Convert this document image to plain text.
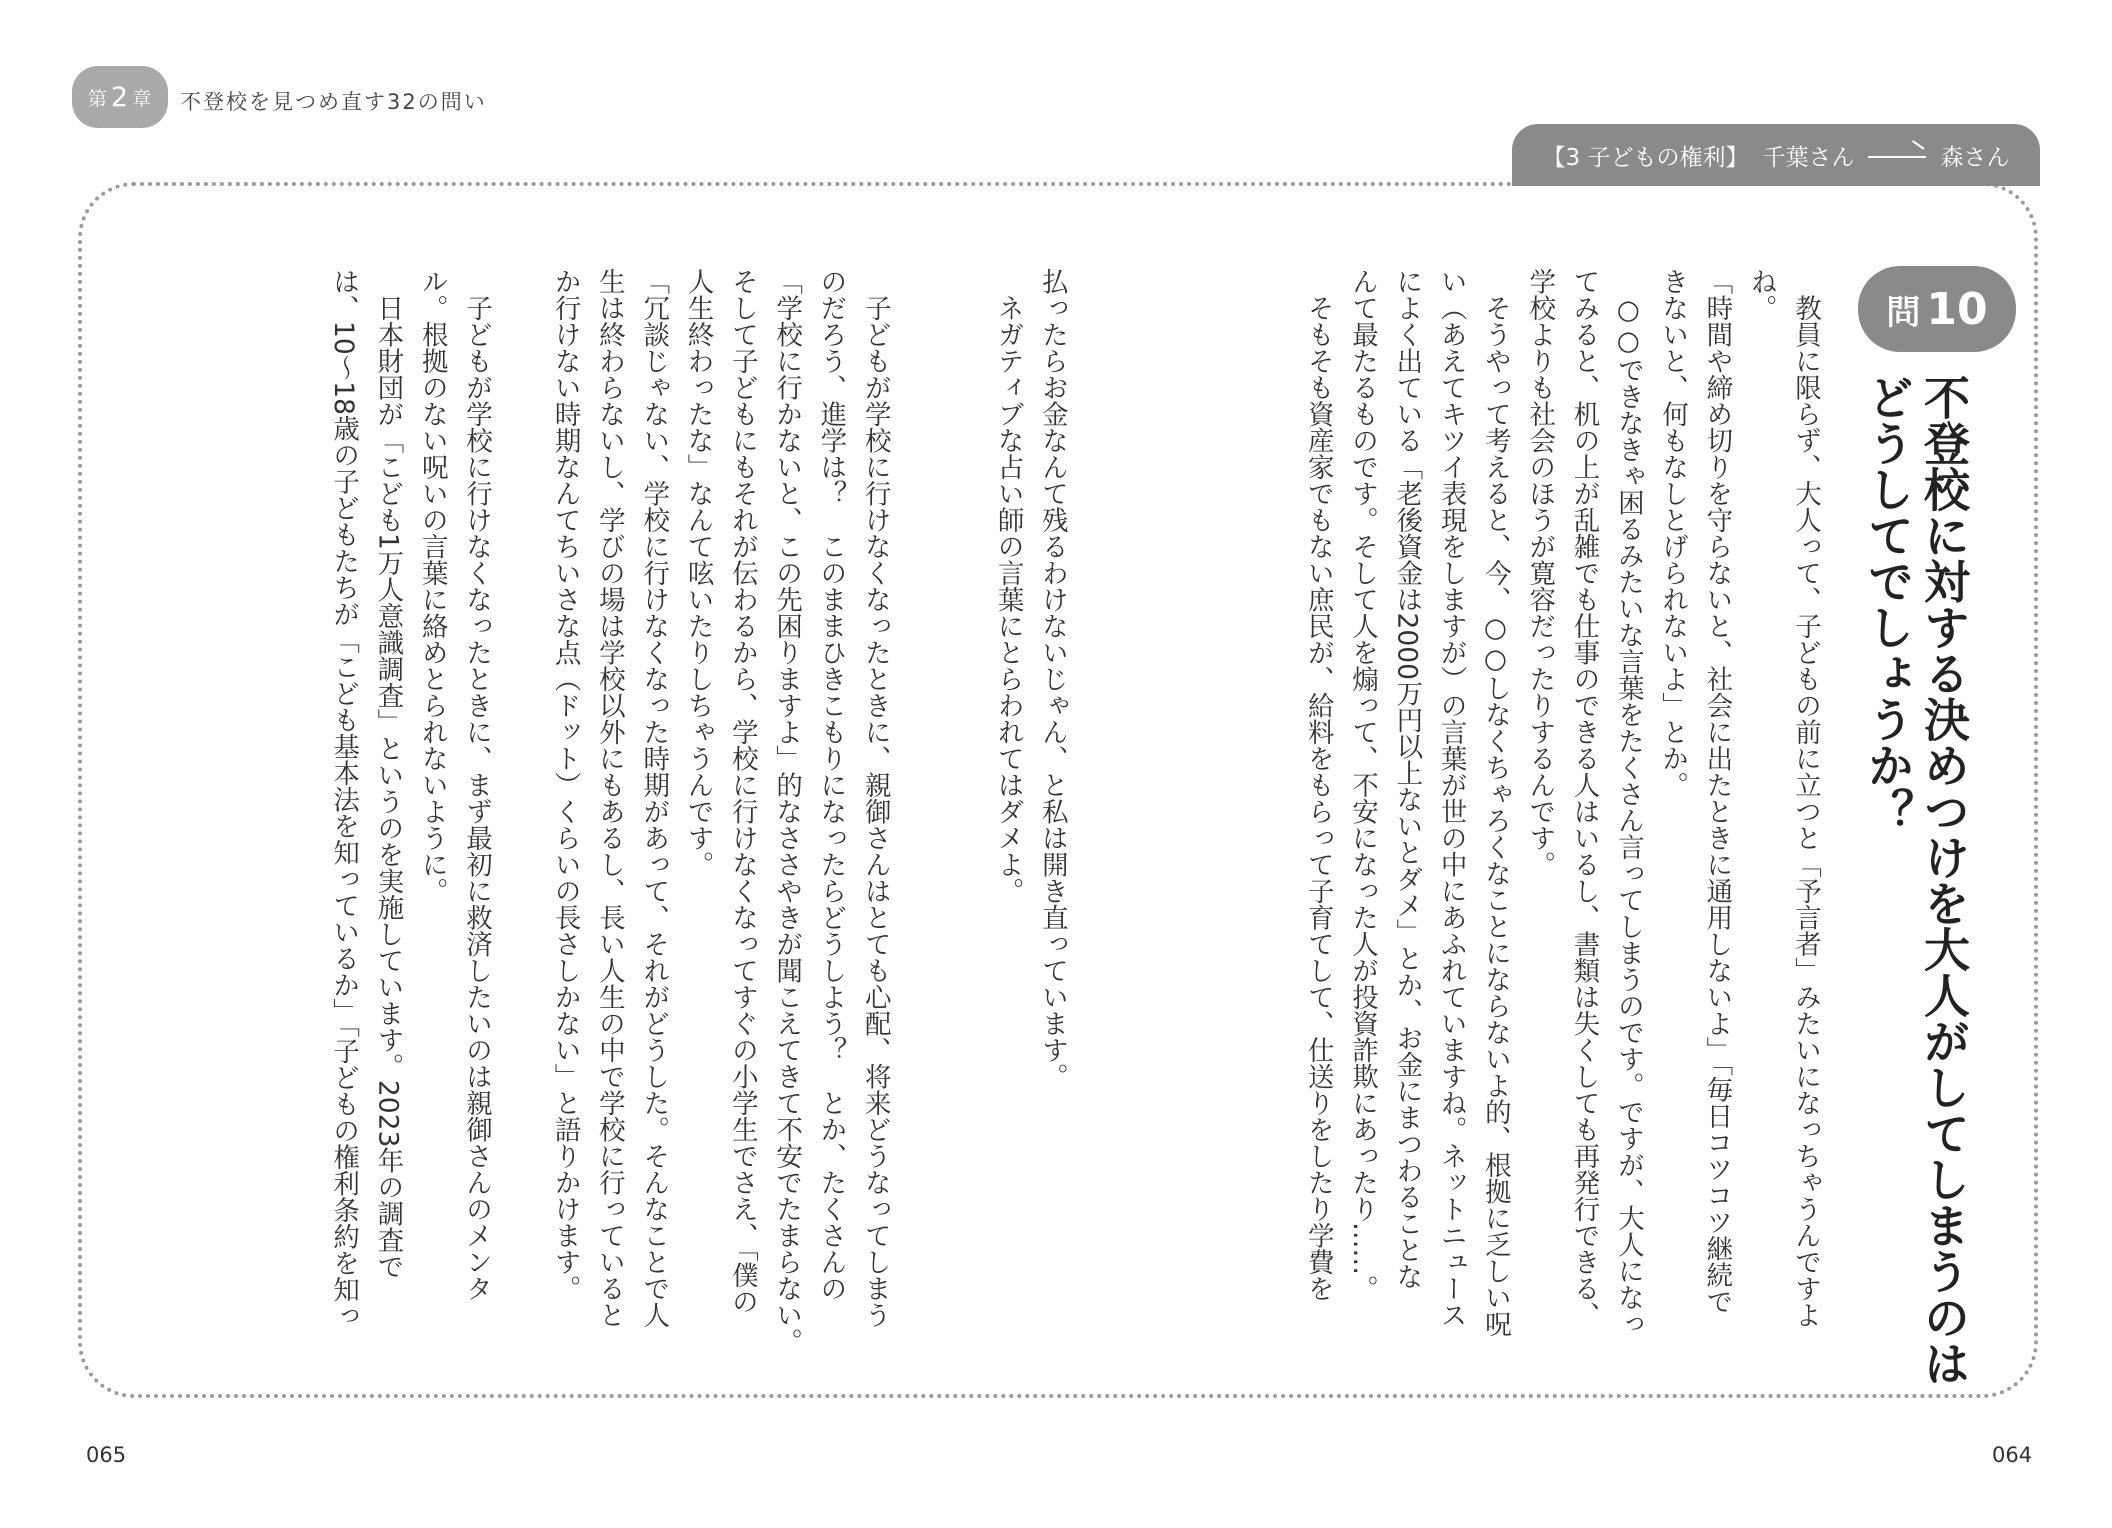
第 2 章 不登校を見つめ直す32の問い
【3 子どもの権利】 千葉さん	森さん
問 10
不登校に対する決めつけを大人がしてしまうのは
どうしてでしょうか？
　教員に限らず、大人って、子どもの前に立つと「予言者」みたいになっちゃうんですよ
ね。
「時間や締め切りを守らないと、社会に出たときに通用しないよ」「毎日コツコツ継続で
きないと、何もなしとげられないよ」とか。
　○○できなきゃ困るみたいな言葉をたくさん言ってしまうのです。ですが、大人になっ
てみると、机の上が乱雑でも仕事のできる人はいるし、書類は失くしても再発行できる、
学校よりも社会のほうが寛容だったりするんです。
　そうやって考えると、今、○○しなくちゃろくなことにならないよ的、根拠に乏しい呪
い（あえてキツイ表現をしますが）の言葉が世の中にあふれていますね。ネットニュース
によく出ている「老後資金は2000万円以上ないとダメ」とか、お金にまつわることな
んて最たるものです。そして人を煽って、不安になった人が投資詐欺にあったり……。
　そもそも資産家でもない庶民が、給料をもらって子育てして、仕送りをしたり学費を
払ったらお金なんて残るわけないじゃん、と私は開き直っています。
　ネガティブな占い師の言葉にとらわれてはダメよ。
　子どもが学校に行けなくなったときに、親御さんはとても心配、将来どうなってしまう
のだろう、進学は？　このままひきこもりになったらどうしよう？　とか、たくさんの
「学校に行かないと、この先困りますよ」的なささやきが聞こえてきて不安でたまらない。
そして子どもにもそれが伝わるから、学校に行けなくなってすぐの小学生でさえ、「僕の
人生終わったな」なんて呟いたりしちゃうんです。
「冗談じゃない、学校に行けなくなった時期があって、それがどうした。そんなことで人
生は終わらないし、学びの場は学校以外にもあるし、長い人生の中で学校に行っていると
か行けない時期なんてちいさな点（ドット）くらいの長さしかない」と語りかけます。
　子どもが学校に行けなくなったときに、まず最初に救済したいのは親御さんのメンタ
ル。根拠のない呪いの言葉に絡めとられないように。
　日本財団が「こども1万人意識調査」というのを実施しています。2023年の調査で
は、10〜18歳の子どもたちが「こども基本法を知っているか」「子どもの権利条約を知っ
065	064
